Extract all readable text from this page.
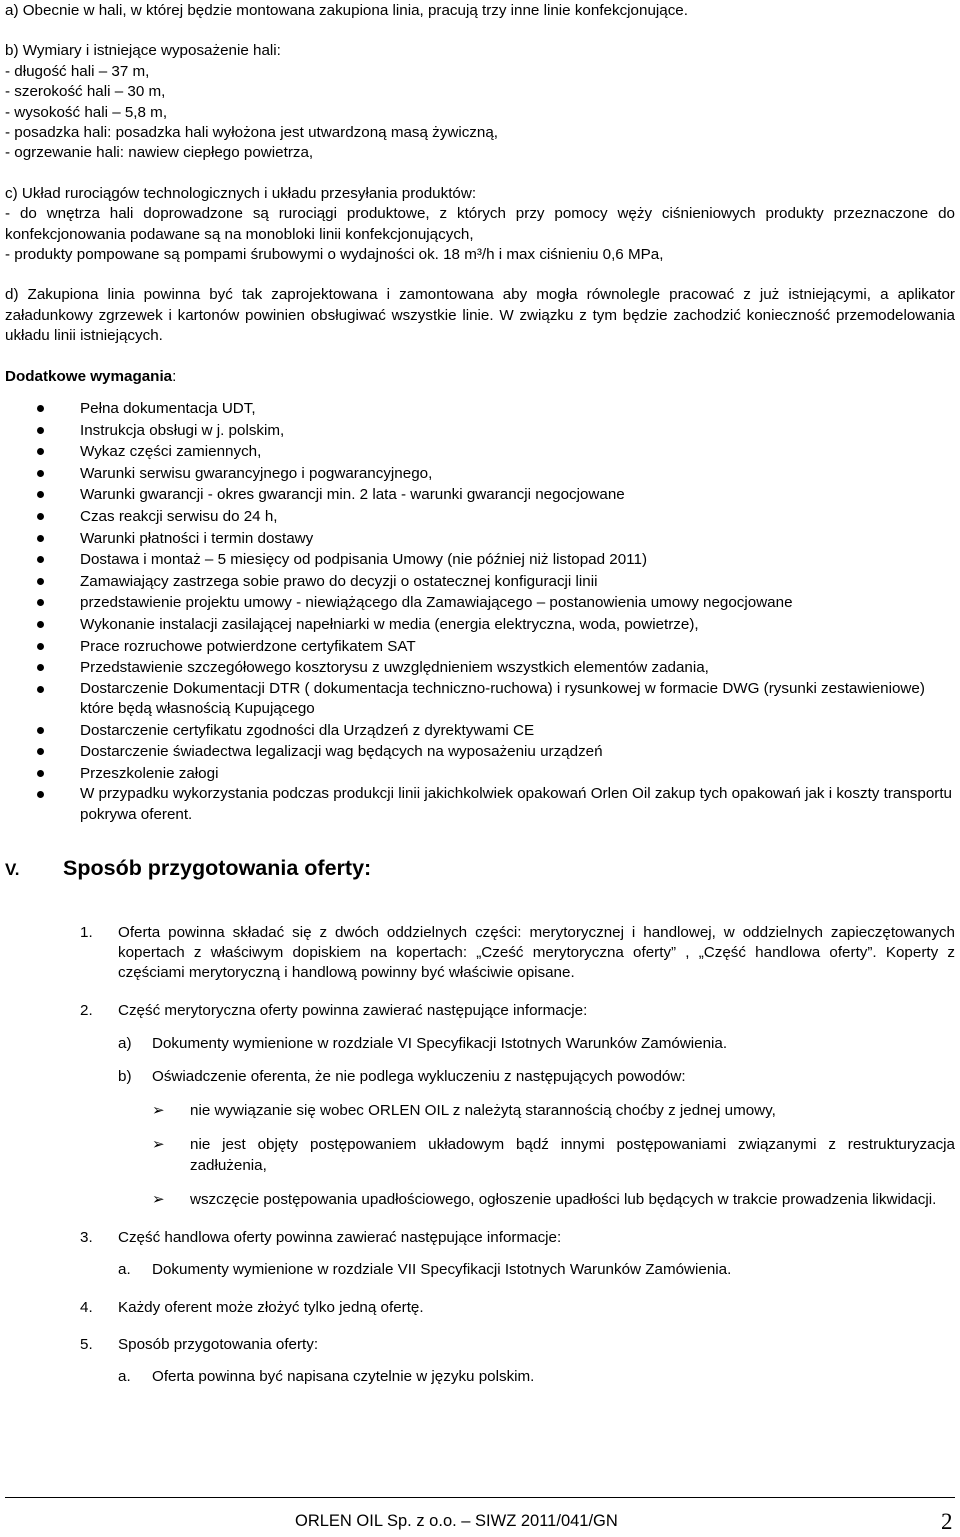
a) Obecnie w hali, w której będzie montowana zakupiona linia, pracują trzy inne linie konfekcjonujące.

b) Wymiary i istniejące wyposażenie hali:

- długość hali – 37 m,

- szerokość hali – 30 m,

- wysokość hali – 5,8 m,

- posadzka hali: posadzka hali wyłożona jest utwardzoną masą żywiczną,

- ogrzewanie hali: nawiew ciepłego powietrza,

c) Układ rurociągów technologicznych i układu przesyłania produktów:

- do wnętrza hali doprowadzone są rurociągi produktowe, z których przy pomocy węży ciśnieniowych produkty przeznaczone do konfekcjonowania podawane są na monobloki linii konfekcjonujących,

- produkty pompowane są pompami śrubowymi o wydajności ok. 18 m³/h i max ciśnieniu 0,6 MPa,

d) Zakupiona linia powinna być tak zaprojektowana i zamontowana aby mogła równolegle pracować z już istniejącymi, a aplikator załadunkowy zgrzewek i kartonów powinien obsługiwać wszystkie linie. W związku z tym będzie zachodzić konieczność przemodelowania układu linii istniejących.

Dodatkowe wymagania:

Pełna dokumentacja UDT,
Instrukcja obsługi w j. polskim,
Wykaz części zamiennych,
Warunki serwisu gwarancyjnego i pogwarancyjnego,
Warunki gwarancji - okres gwarancji min. 2 lata - warunki gwarancji negocjowane
Czas reakcji serwisu do 24 h,
Warunki płatności i termin dostawy
Dostawa i montaż – 5 miesięcy od podpisania Umowy (nie później niż listopad 2011)
Zamawiający zastrzega sobie prawo do decyzji o ostatecznej konfiguracji linii
przedstawienie projektu umowy - niewiążącego dla Zamawiającego – postanowienia umowy negocjowane
Wykonanie instalacji zasilającej napełniarki w media (energia elektryczna, woda, powietrze),
Prace rozruchowe potwierdzone certyfikatem SAT
Przedstawienie szczegółowego kosztorysu z uwzględnieniem wszystkich elementów zadania,
Dostarczenie Dokumentacji DTR ( dokumentacja techniczno-ruchowa) i rysunkowej w formacie DWG (rysunki zestawieniowe) które będą własnością Kupującego
Dostarczenie certyfikatu zgodności dla Urządzeń z dyrektywami CE
Dostarczenie świadectwa legalizacji wag będących na wyposażeniu urządzeń
Przeszkolenie załogi
W przypadku wykorzystania podczas produkcji linii jakichkolwiek opakowań Orlen Oil zakup tych opakowań jak i koszty transportu pokrywa oferent.
V.	Sposób przygotowania oferty:
1.	Oferta powinna składać się z dwóch oddzielnych części: merytorycznej i handlowej, w oddzielnych zapieczętowanych kopertach z właściwym dopiskiem na kopertach: „Cześć merytoryczna oferty” , „Część handlowa oferty”. Koperty z częściami merytoryczną i handlową powinny być właściwie opisane.
2.	Część merytoryczna oferty powinna zawierać następujące informacje:
a)	Dokumenty wymienione w rozdziale VI Specyfikacji Istotnych Warunków Zamówienia.
b)	Oświadczenie oferenta, że nie podlega wykluczeniu z następujących powodów:
➢	nie wywiązanie się wobec ORLEN OIL z należytą starannością choćby z jednej umowy,
➢	nie jest objęty postępowaniem układowym bądź innymi postępowaniami związanymi z restrukturyzacja zadłużenia,
➢	wszczęcie postępowania upadłościowego, ogłoszenie upadłości lub będących w trakcie prowadzenia likwidacji.
3.	Część handlowa oferty powinna zawierać następujące informacje:
a.	Dokumenty wymienione w rozdziale VII Specyfikacji Istotnych Warunków Zamówienia.
4.	Każdy oferent może złożyć tylko jedną ofertę.
5.	Sposób przygotowania oferty:
a.	Oferta powinna być napisana czytelnie w języku polskim.
ORLEN OIL Sp. z o.o. – SIWZ 2011/041/GN	2
